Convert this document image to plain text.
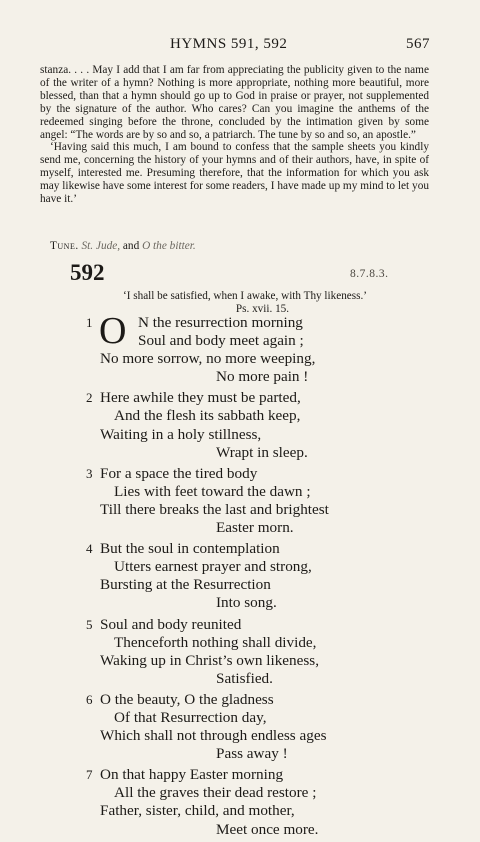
HYMNS 591, 592	567

stanza. . . . May I add that I am far from appreciating the publicity given to the name of the writer of a hymn? Nothing is more appropriate, nothing more beautiful, more blessed, than that a hymn should go up to God in praise or prayer, not supplemented by the signature of the author. Who cares? Can you imagine the anthems of the redeemed singing before the throne, concluded by the intimation given by some angel: “The words are by so and so, a patriarch. The tune by so and so, an apostle.”

‘Having said this much, I am bound to confess that the sample sheets you kindly send me, concerning the history of your hymns and of their authors, have, in spite of myself, interested me. Presuming therefore, that the information for which you ask may likewise have some interest for some readers, I have made up my mind to let you have it.’

Tune. St. Jude, and O the bitter.
592	8.7.8.3.
‘I shall be satisfied, when I awake, with Thy likeness.’
Ps. xvii. 15.
1 O N the resurrection morning
Soul and body meet again ;
No more sorrow, no more weeping,
No more pain !
2 Here awhile they must be parted,
And the flesh its sabbath keep,
Waiting in a holy stillness,
Wrapt in sleep.
3 For a space the tired body
Lies with feet toward the dawn ;
Till there breaks the last and brightest
Easter morn.
4 But the soul in contemplation
Utters earnest prayer and strong,
Bursting at the Resurrection
Into song.
5 Soul and body reunited
Thenceforth nothing shall divide,
Waking up in Christ’s own likeness,
Satisfied.
6 O the beauty, O the gladness
Of that Resurrection day,
Which shall not through endless ages
Pass away !
7 On that happy Easter morning
All the graves their dead restore ;
Father, sister, child, and mother,
Meet once more.
